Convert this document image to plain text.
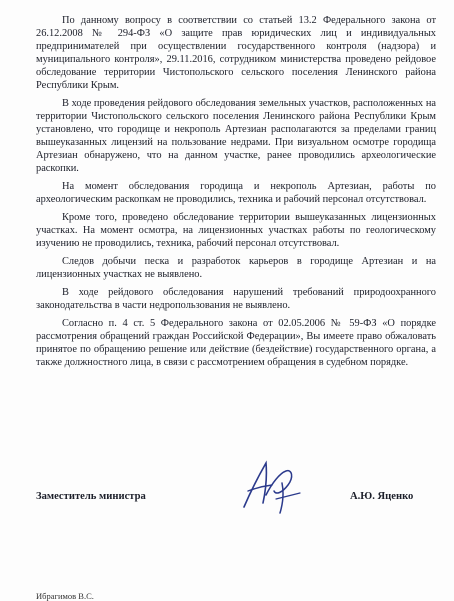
По данному вопросу в соответствии со статьей 13.2 Федерального закона от 26.12.2008 № 294-ФЗ «О защите прав юридических лиц и индивидуальных предпринимателей при осуществлении государственного контроля (надзора) и муниципального контроля», 29.11.2016, сотрудником министерства проведено рейдовое обследование территории Чистопольского сельского поселения Ленинского района Республики Крым.

В ходе проведения рейдового обследования земельных участков, расположенных на территории Чистопольского сельского поселения Ленинского района Республики Крым установлено, что городище и некрополь Артезиан располагаются за пределами границ вышеуказанных лицензий на пользование недрами. При визуальном осмотре городища Артезиан обнаружено, что на данном участке, ранее проводились археологические раскопки.

На момент обследования городища и некрополь Артезиан, работы по археологическим раскопкам не проводились, техника и рабочий персонал отсутствовал.

Кроме того, проведено обследование территории вышеуказанных лицензионных участках. На момент осмотра, на лицензионных участках работы по геологическому изучению не проводились, техника, рабочий персонал отсутствовал.

Следов добычи песка и разработок карьеров в городище Артезиан и на лицензионных участках не выявлено.

В ходе рейдового обследования нарушений требований природоохранного законодательства в части недропользования не выявлено.

Согласно п. 4 ст. 5 Федерального закона от 02.05.2006 № 59-ФЗ «О порядке рассмотрения обращений граждан Российской Федерации», Вы имеете право обжаловать принятое по обращению решение или действие (бездействие) государственного органа, а также должностного лица, в связи с рассмотрением обращения в судебном порядке.

Заместитель министра	А.Ю. Яценко
Ибрагимов В.С.
